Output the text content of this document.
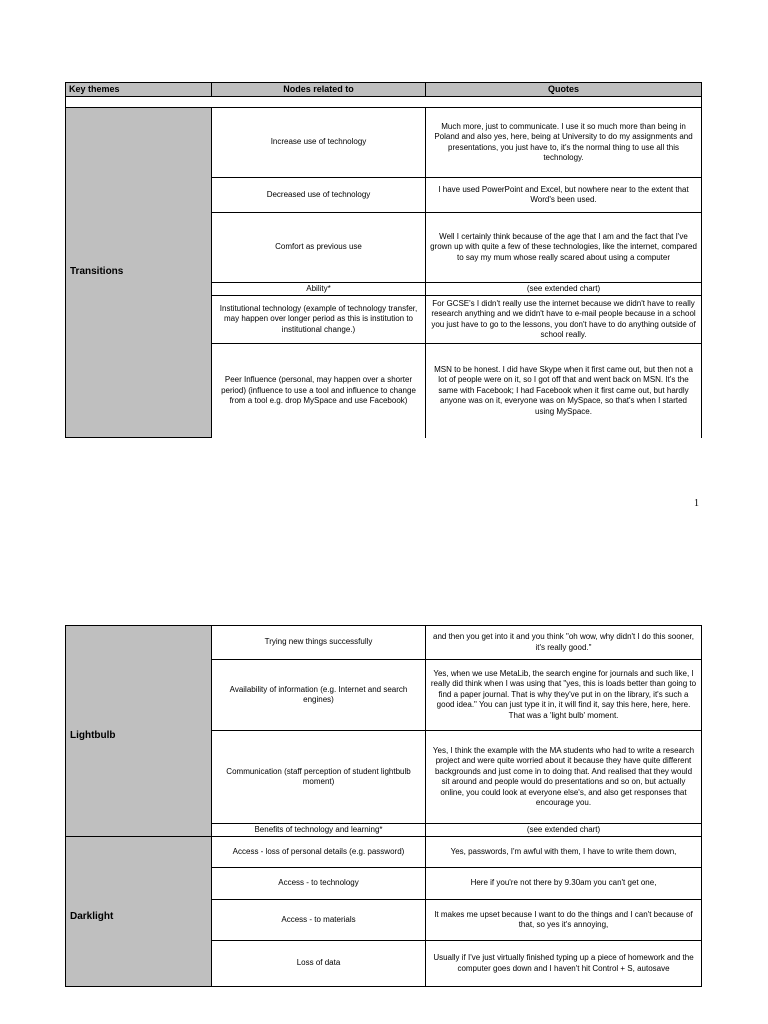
Key themes	Nodes related to	Quotes

Transitions	Increase use of technology	Much more, just to communicate. I use it so much more than being in Poland and also yes, here, being at University to do my assignments and presentations, you just have to, it's the normal thing to use all this technology.
	Decreased use of technology	I have used PowerPoint and Excel, but nowhere near to the extent that Word's been used.
	Comfort as previous use	Well I certainly think because of the age that I am and the fact that I've grown up with quite a few of these technologies, like the internet, compared to say my mum whose really scared about using a computer
	Ability*	(see extended chart)
	Institutional technology (example of technology transfer, may happen over longer period as this is institution to institutional change.)	For GCSE's I didn't really use the internet because we didn't have to really research anything and we didn't have to e-mail people because in a school you just have to go to the lessons, you don't have to do anything outside of school really.
	Peer Influence (personal, may happen over a shorter period) (influence to use a tool and influence to change from a tool e.g. drop MySpace and use Facebook)	MSN to be honest. I did have Skype when it first came out, but then not a lot of people were on it, so I got off that and went back on MSN. It's the same with Facebook; I had Facebook when it first came out, but hardly anyone was on it, everyone was on MySpace, so that's when I started using MySpace.
1
Lightbulb	Trying new things successfully	and then you get into it and you think "oh wow, why didn't I do this sooner, it's really good."
	Availability of information (e.g. Internet and search engines)	Yes, when we use MetaLib, the search engine for journals and such like, I really did think when I was using that "yes, this is loads better than going to find a paper journal. That is why they've put in on the library, it's such a good idea." You can just type it in, it will find it, say this here, here, here. That was a 'light bulb' moment.
	Communication (staff perception of student lightbulb moment)	Yes, I think the example with the MA students who had to write a research project and were quite worried about it because they have quite different backgrounds and just come in to doing that. And realised that they would sit around and people would do presentations and so on, but actually online, you could look at everyone else's, and also get responses that encourage you.
	Benefits of technology and learning*	(see extended chart)
Darklight	Access - loss of personal details (e.g. password)	Yes, passwords, I'm awful with them, I have to write them down,
	Access - to technology	Here if you're not there by 9.30am you can't get one,
	Access - to materials	It makes me upset because I want to do the things and I can't because of that, so yes it's annoying,
	Loss of data	Usually if I've just virtually finished typing up a piece of homework and the computer goes down and I haven't hit Control + S, autosave
